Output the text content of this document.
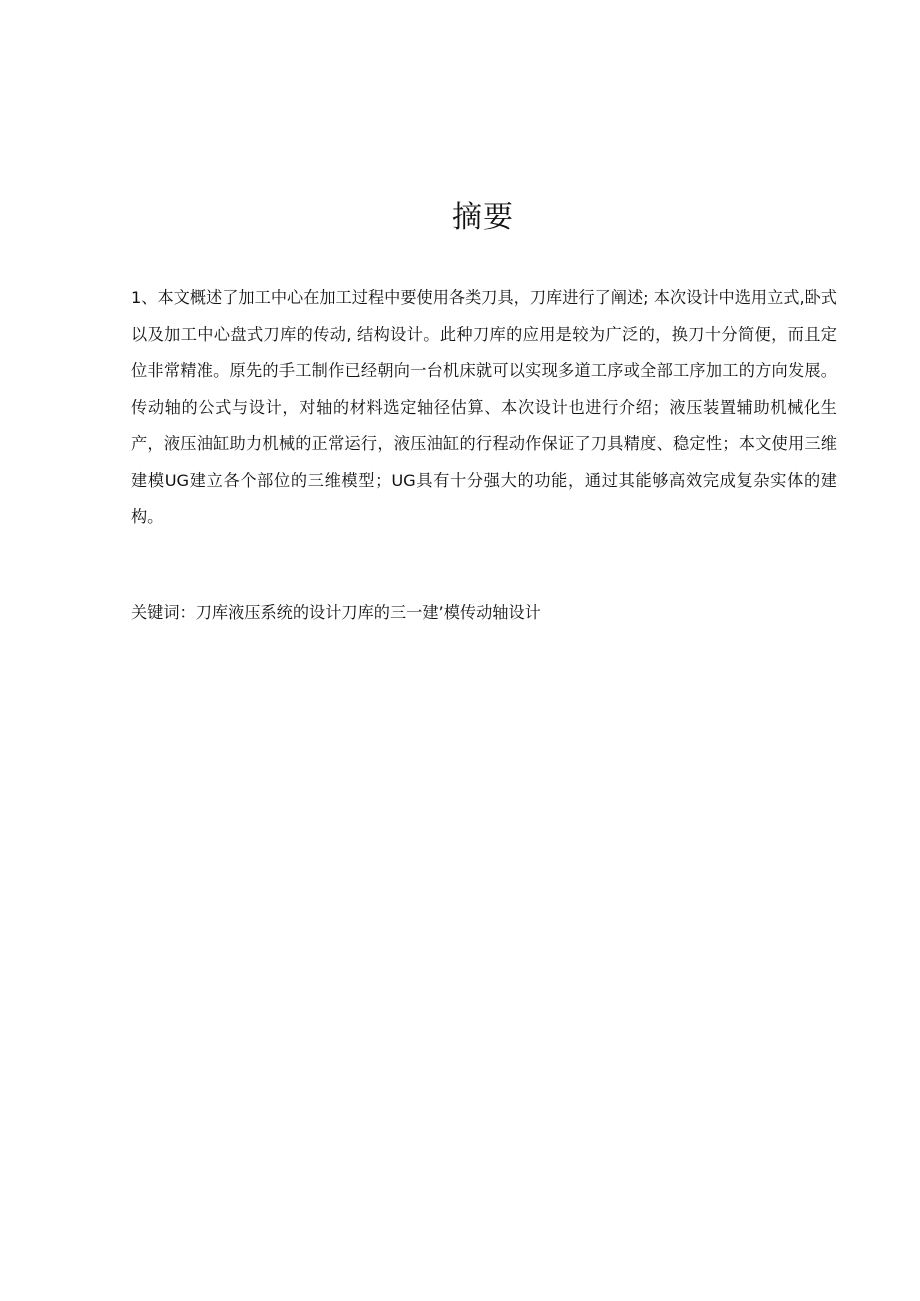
摘要

1、本文概述了加工中心在加工过程中要使用各类刀具，刀库进行了阐述; 本次设计中选用立式,卧式以及加工中心盘式刀库的传动, 结构设计。此种刀库的应用是较为广泛的，换刀十分简便，而且定位非常精准。原先的手工制作已经朝向一台机床就可以实现多道工序或全部工序加工的方向发展。传动轴的公式与设计，对轴的材料选定轴径估算、本次设计也进行介绍；液压装置辅助机械化生产，液压油缸助力机械的正常运行，液压油缸的行程动作保证了刀具精度、稳定性；本文使用三维建模UG建立各个部位的三维模型；UG具有十分强大的功能，通过其能够高效完成复杂实体的建构。

关键词：刀库液压系统的设计刀库的三一建’模传动轴设计
